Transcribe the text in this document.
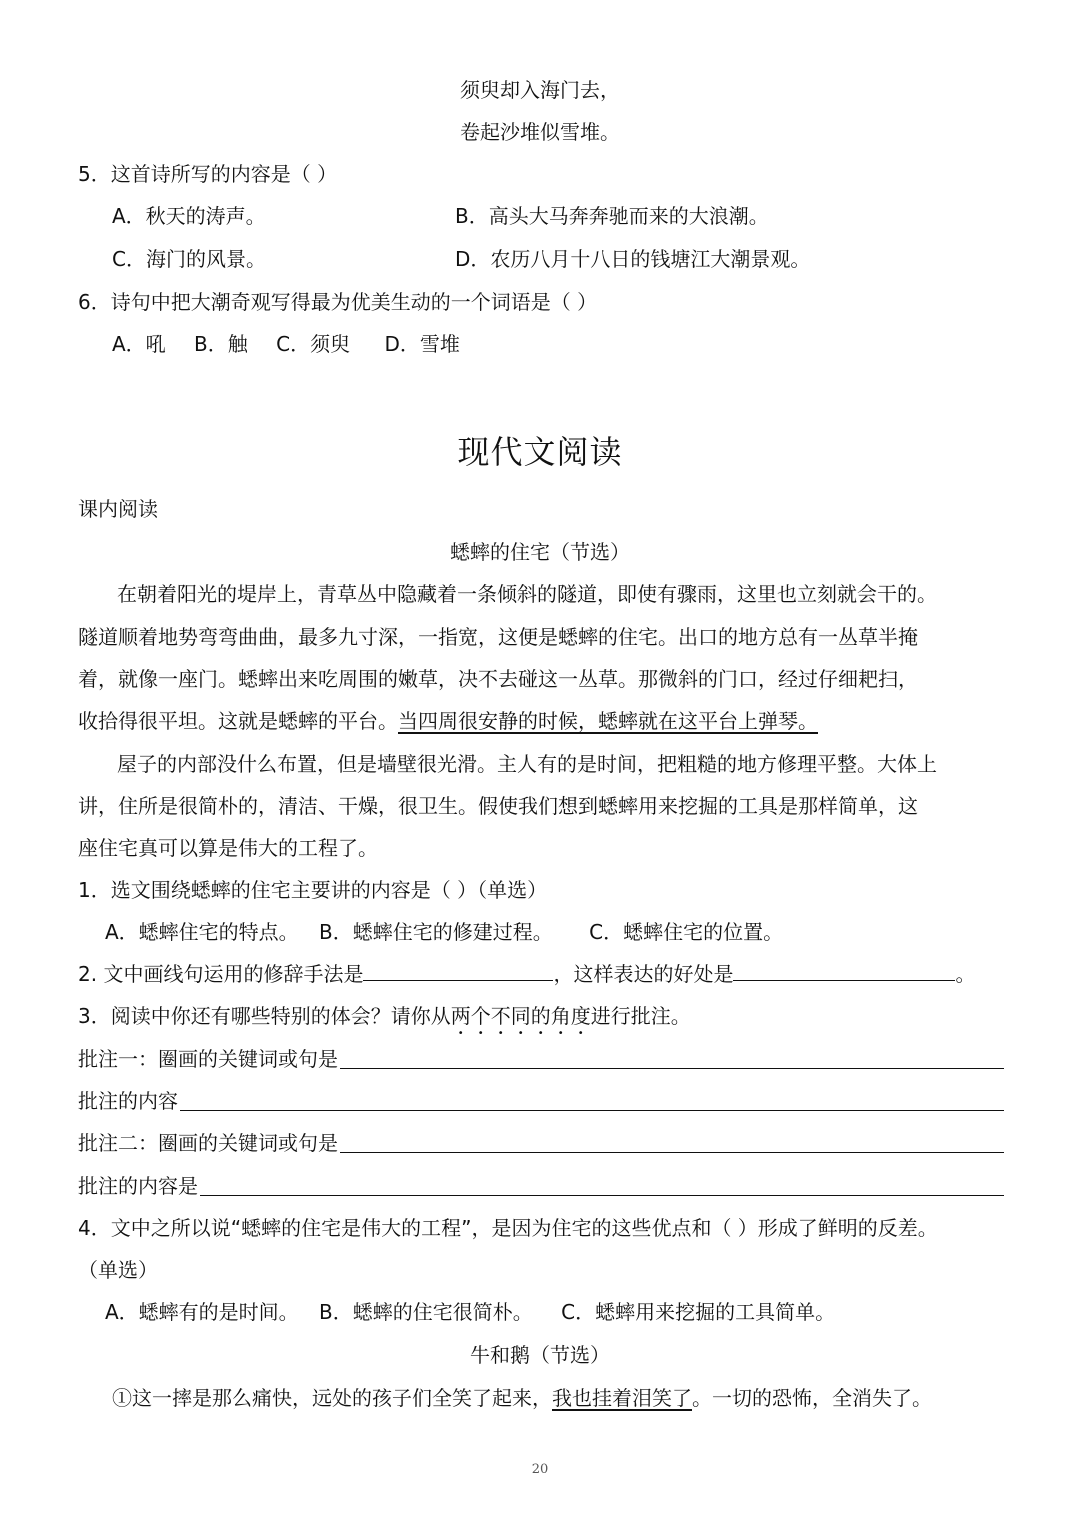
须臾却入海门去，
卷起沙堆似雪堆。
5．这首诗所写的内容是（ ）
A．秋天的涛声。	B．高头大马奔奔驰而来的大浪潮。
C．海门的风景。	D．农历八月十八日的钱塘江大潮景观。
6．诗句中把大潮奇观写得最为优美生动的一个词语是（ ）
A．吼 B．触 C．须臾 D．雪堆
现代文阅读
课内阅读
蟋蟀的住宅（节选）
在朝着阳光的堤岸上，青草丛中隐藏着一条倾斜的隧道，即使有骤雨，这里也立刻就会干的。
隧道顺着地势弯弯曲曲，最多九寸深，一指宽，这便是蟋蟀的住宅。出口的地方总有一丛草半掩
着，就像一座门。蟋蟀出来吃周围的嫩草，决不去碰这一丛草。那微斜的门口，经过仔细耙扫，
收拾得很平坦。这就是蟋蟀的平台。当四周很安静的时候，蟋蟀就在这平台上弹琴。
屋子的内部没什么布置，但是墙壁很光滑。主人有的是时间，把粗糙的地方修理平整。大体上
讲，住所是很简朴的，清洁、干燥，很卫生。假使我们想到蟋蟀用来挖掘的工具是那样简单，这
座住宅真可以算是伟大的工程了。
1．选文围绕蟋蟀的住宅主要讲的内容是（ ）（单选）
A．蟋蟀住宅的特点。 B．蟋蟀住宅的修建过程。 C．蟋蟀住宅的位置。
2. 文中画线句运用的修辞手法是	，这样表达的好处是	。
3．阅读中你还有哪些特别的体会？请你从两个不同的角度进行批注。
批注一：圈画的关键词或句是
批注的内容
批注二：圈画的关键词或句是
批注的内容是
4．文中之所以说“蟋蟀的住宅是伟大的工程”，是因为住宅的这些优点和（ ）形成了鲜明的反差。
（单选）
A．蟋蟀有的是时间。 B．蟋蟀的住宅很简朴。 C．蟋蟀用来挖掘的工具简单。
牛和鹅（节选）
①这一摔是那么痛快，远处的孩子们全笑了起来，我也挂着泪笑了。一切的恐怖，全消失了。
20
